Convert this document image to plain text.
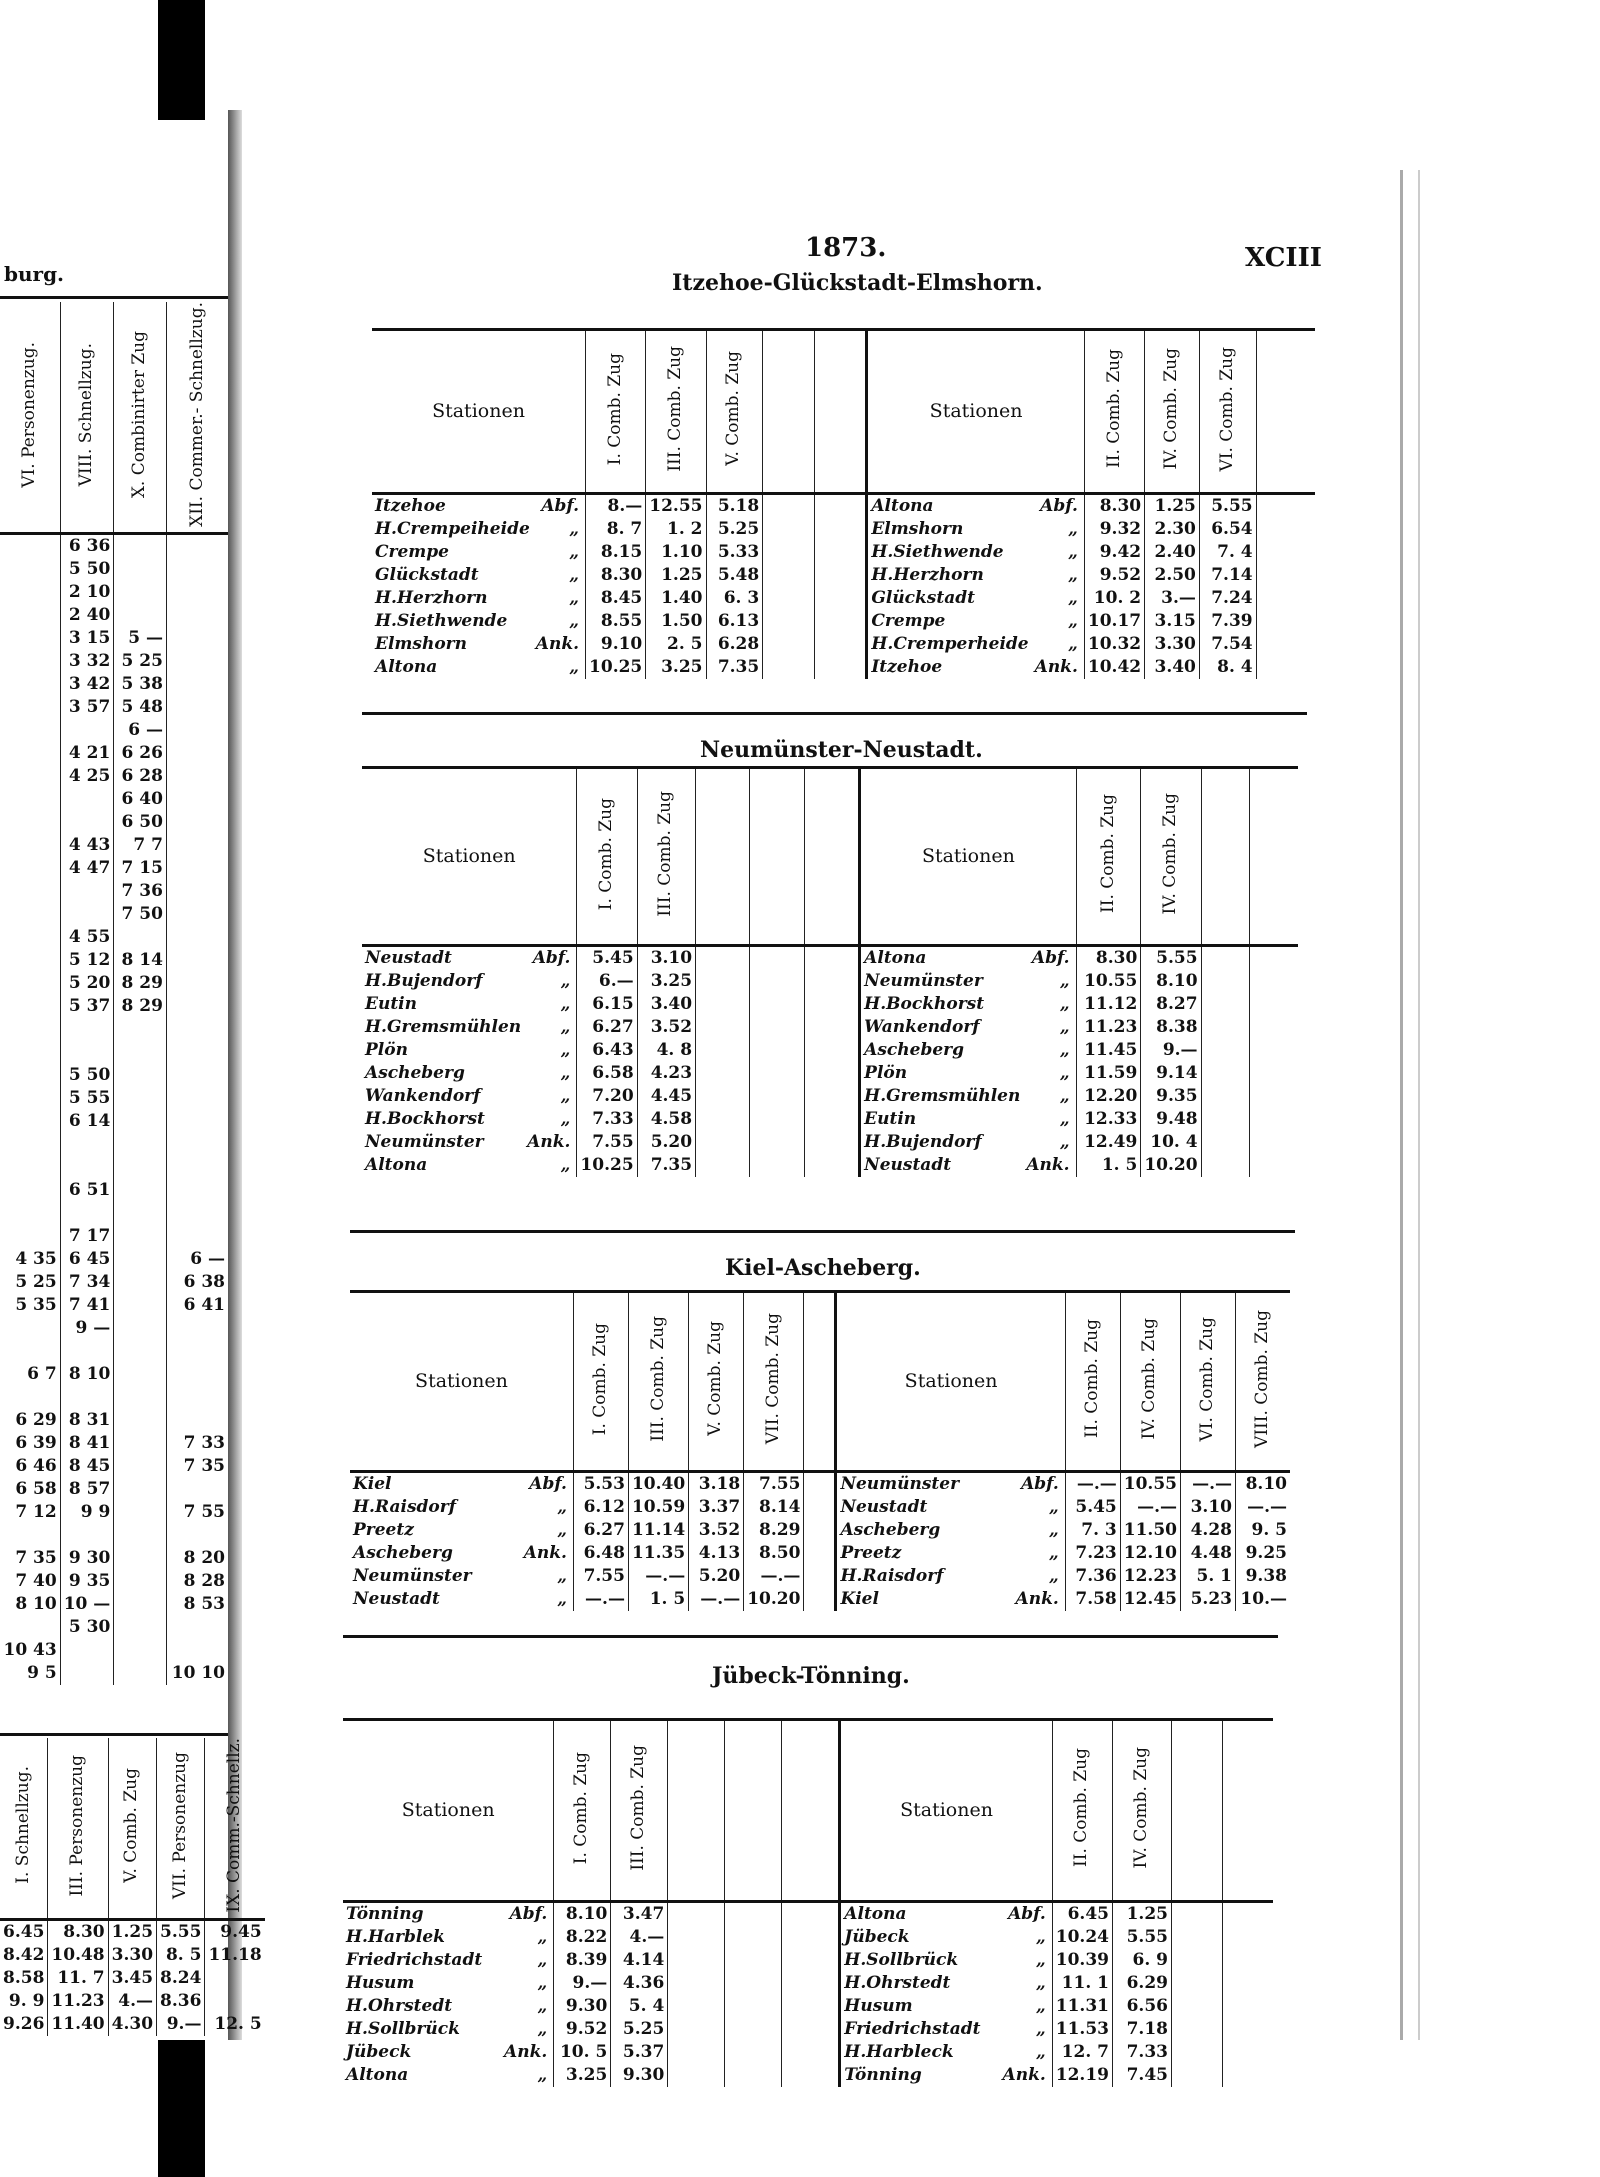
burg.
VI. Personenzug.	VIII. Schnellzug.	X. Combinirter Zug	XII. Commer.- Schnellzug.
	6 36		
	5 50		
	2 10		
	2 40		
	3 15	5 —	
	3 32	5 25	
	3 42	5 38	
	3 57	5 48	
		6 —	
	4 21	6 26	
	4 25	6 28	
		6 40	
		6 50	
	4 43	7 7	
	4 47	7 15	
		7 36	
		7 50	
	4 55		
	5 12	8 14	
	5 20	8 29	
	5 37	8 29	

	5 50		
	5 55		
	6 14		

	6 51		

	7 17		
4 35	6 45		6 —
5 25	7 34		6 38
5 35	7 41		6 41
	9 —		

6 7	8 10		

6 29	8 31		
6 39	8 41		7 33
6 46	8 45		7 35
6 58	8 57		
7 12	9 9		7 55

7 35	9 30		8 20
7 40	9 35		8 28
8 10	10 —		8 53
	5 30		
10 43			
9 5			10 10
I. Schnellzug.	III. Personenzug	V. Comb. Zug	VII. Personenzug	IX. Comm.-Schnellz.
6.45	8.30	1.25	5.55	9.45
8.42	10.48	3.30	8. 5	11.18
8.58	11. 7	3.45	8.24	
9. 9	11.23	4.—	8.36	
9.26	11.40	4.30	9.—	12. 5
1873.	XCIII
Itzehoe-Glückstadt-Elmshorn.
Stationen		I. Comb. Zug	III. Comb. Zug	V. Comb. Zug			Stationen		II. Comb. Zug	IV. Comb. Zug	VI. Comb. Zug	
Itzehoe	Abf.	8.—	12.55	5.18			Altona	Abf.	8.30	1.25	5.55	
H.Crempeiheide	„	8. 7	1. 2	5.25			Elmshorn	„	9.32	2.30	6.54	
Crempe	„	8.15	1.10	5.33			H.Siethwende	„	9.42	2.40	7. 4	
Glückstadt	„	8.30	1.25	5.48			H.Herzhorn	„	9.52	2.50	7.14	
H.Herzhorn	„	8.45	1.40	6. 3			Glückstadt	„	10. 2	3.—	7.24	
H.Siethwende	„	8.55	1.50	6.13			Crempe	„	10.17	3.15	7.39	
Elmshorn	Ank.	9.10	2. 5	6.28			H.Cremperheide	„	10.32	3.30	7.54	
Altona	„	10.25	3.25	7.35			Itzehoe	Ank.	10.42	3.40	8. 4	
Neumünster-Neustadt.
Stationen		I. Comb. Zug	III. Comb. Zug				Stationen		II. Comb. Zug	IV. Comb. Zug		
Neustadt	Abf.	5.45	3.10				Altona	Abf.	8.30	5.55		
H.Bujendorf	„	6.—	3.25				Neumünster	„	10.55	8.10		
Eutin	„	6.15	3.40				H.Bockhorst	„	11.12	8.27		
H.Gremsmühlen	„	6.27	3.52				Wankendorf	„	11.23	8.38		
Plön	„	6.43	4. 8				Ascheberg	„	11.45	9.—		
Ascheberg	„	6.58	4.23				Plön	„	11.59	9.14		
Wankendorf	„	7.20	4.45				H.Gremsmühlen	„	12.20	9.35		
H.Bockhorst	„	7.33	4.58				Eutin	„	12.33	9.48		
Neumünster	Ank.	7.55	5.20				H.Bujendorf	„	12.49	10. 4		
Altona	„	10.25	7.35				Neustadt	Ank.	1. 5	10.20		
Kiel-Ascheberg.
Stationen		I. Comb. Zug	III. Comb. Zug	V. Comb. Zug	VII. Comb. Zug		Stationen		II. Comb. Zug	IV. Comb. Zug	VI. Comb. Zug	VIII. Comb. Zug
Kiel	Abf.	5.53	10.40	3.18	7.55		Neumünster	Abf.	—.—	10.55	—.—	8.10
H.Raisdorf	„	6.12	10.59	3.37	8.14		Neustadt	„	5.45	—.—	3.10	—.—
Preetz	„	6.27	11.14	3.52	8.29		Ascheberg	„	7. 3	11.50	4.28	9. 5
Ascheberg	Ank.	6.48	11.35	4.13	8.50		Preetz	„	7.23	12.10	4.48	9.25
Neumünster	„	7.55	—.—	5.20	—.—		H.Raisdorf	„	7.36	12.23	5. 1	9.38
Neustadt	„	—.—	1. 5	—.—	10.20		Kiel	Ank.	7.58	12.45	5.23	10.—
Jübeck-Tönning.
Stationen		I. Comb. Zug	III. Comb. Zug				Stationen		II. Comb. Zug	IV. Comb. Zug		
Tönning	Abf.	8.10	3.47				Altona	Abf.	6.45	1.25		
H.Harblek	„	8.22	4.—				Jübeck	„	10.24	5.55		
Friedrichstadt	„	8.39	4.14				H.Sollbrück	„	10.39	6. 9		
Husum	„	9.—	4.36				H.Ohrstedt	„	11. 1	6.29		
H.Ohrstedt	„	9.30	5. 4				Husum	„	11.31	6.56		
H.Sollbrück	„	9.52	5.25				Friedrichstadt	„	11.53	7.18		
Jübeck	Ank.	10. 5	5.37				H.Harbleck	„	12. 7	7.33		
Altona	„	3.25	9.30				Tönning	Ank.	12.19	7.45		
